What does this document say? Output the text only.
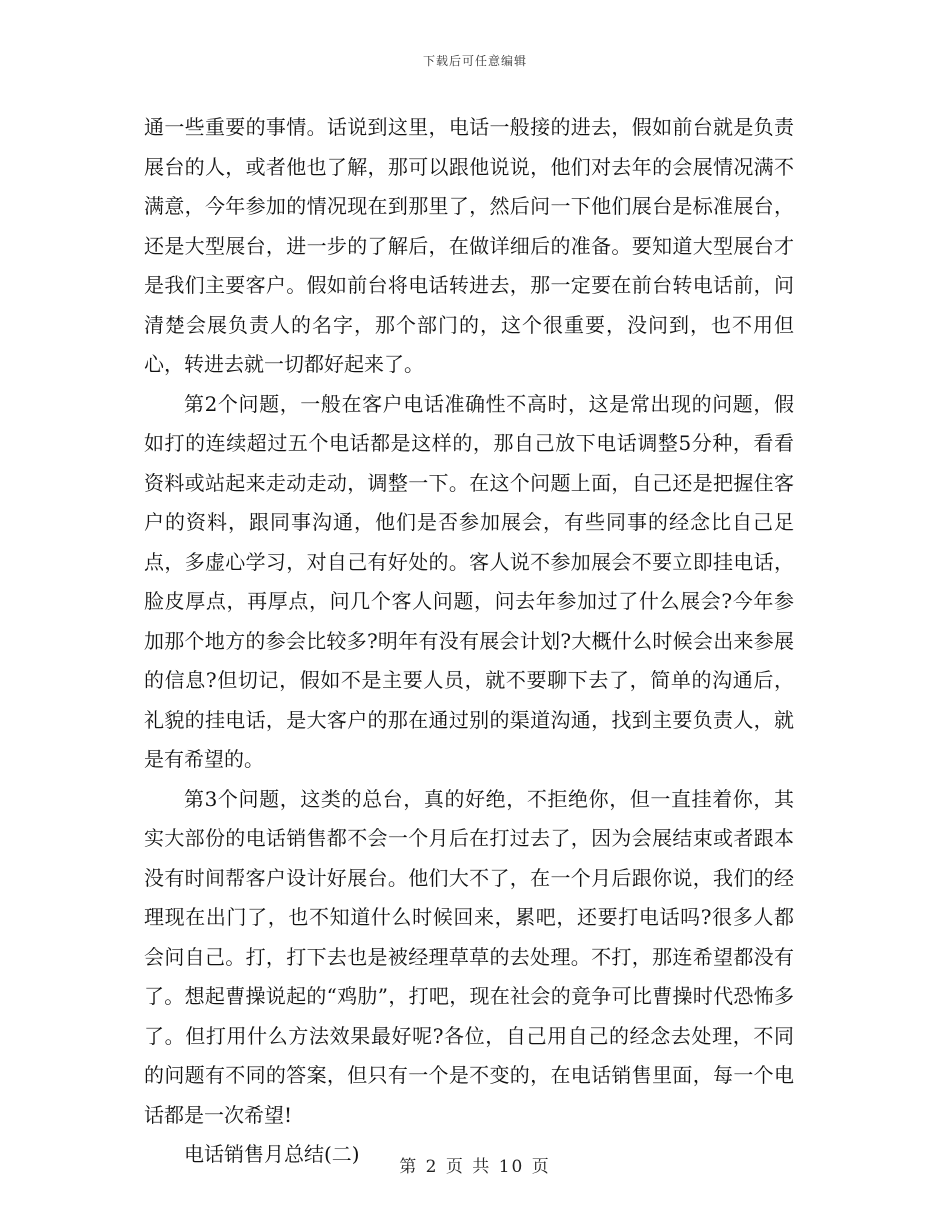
下载后可任意编辑

通一些重要的事情。话说到这里，电话一般接的进去，假如前台就是负责展台的人，或者他也了解，那可以跟他说说，他们对去年的会展情况满不满意，今年参加的情况现在到那里了，然后问一下他们展台是标准展台，还是大型展台，进一步的了解后，在做详细后的准备。要知道大型展台才是我们主要客户。假如前台将电话转进去，那一定要在前台转电话前，问清楚会展负责人的名字，那个部门的，这个很重要，没问到，也不用但心，转进去就一切都好起来了。

第2个问题，一般在客户电话准确性不高时，这是常出现的问题，假如打的连续超过五个电话都是这样的，那自己放下电话调整5分种，看看资料或站起来走动走动，调整一下。在这个问题上面，自己还是把握住客户的资料，跟同事沟通，他们是否参加展会，有些同事的经念比自己足点，多虚心学习，对自己有好处的。客人说不参加展会不要立即挂电话，脸皮厚点，再厚点，问几个客人问题，问去年参加过了什么展会?今年参加那个地方的参会比较多?明年有没有展会计划?大概什么时候会出来参展的信息?但切记，假如不是主要人员，就不要聊下去了，简单的沟通后，礼貌的挂电话，是大客户的那在通过别的渠道沟通，找到主要负责人，就是有希望的。

第3个问题，这类的总台，真的好绝，不拒绝你，但一直挂着你，其实大部份的电话销售都不会一个月后在打过去了，因为会展结束或者跟本没有时间帮客户设计好展台。他们大不了，在一个月后跟你说，我们的经理现在出门了，也不知道什么时候回来，累吧，还要打电话吗?很多人都会问自己。打，打下去也是被经理草草的去处理。不打，那连希望都没有了。想起曹操说起的“鸡肋”，打吧，现在社会的竟争可比曹操时代恐怖多了。但打用什么方法效果最好呢?各位，自己用自己的经念去处理，不同的问题有不同的答案，但只有一个是不变的，在电话销售里面，每一个电话都是一次希望!

电话销售月总结(二)

第 2 页 共 10 页
